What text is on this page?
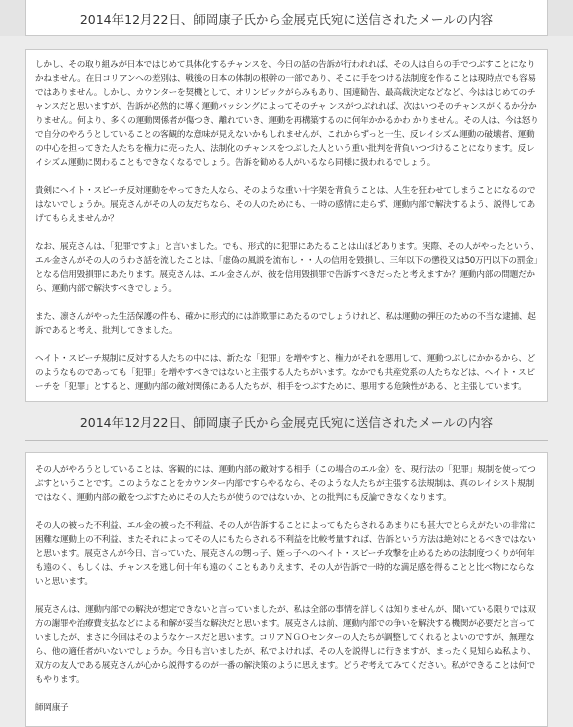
2014年12月22日、師岡康子氏から金展克氏宛に送信されたメールの内容

しかし、その取り組みが日本ではじめて具体化するチャンスを、今日の話の告訴が行われれば、その人は自らの手でつぶすことになりかねません。在日コリアンへの差別は、戦後の日本の体制の根幹の一部であり、そこに手をつける法制度を作ることは現時点でも容易ではありません。しかし、カウンターを契機として、オリンピックがらみもあり、国連勧告、最高裁決定などなど、今ははじめてのチャンスだと思いますが、告訴が必然的に導く運動バッシングによってそのチャ ンスがつぶれれば、次はいつそのチャンスがくるか分かりません。何より、多くの運動関係者が傷つき、離れていき、運動を再構築するのに何年かかるかわ かりません。その人は、今は怒りで自分のやろうとしていることの客観的な意味が見えないかもしれませんが、これからずっと一生、反レイシズム運動の破壊者、運動の中心を担ってきた人たちを権力に売った人、法制化のチャンスをつぶした人という重い批判を背負いつづけることになります。反レイシズム運動に関わることもできなくなるでしょう。告訴を勧める人がいるなら同様に扱われるでしょう。

貴剣にヘイト・スピーチ反対運動をやってきた人なら、そのような重い十字架を背負うことは、人生を狂わせてしまうことになるのではないでしょうか。展克さんがその人の友だちなら、その人のためにも、一時の感情に走らず、運動内部で解決するよう、説得してあげてもらえませんか？

なお、展克さんは、「犯罪ですよ」と言いました。でも、形式的に犯罪にあたることは山ほどあります。実際、その人がやったという、エル金さんがその人のうわさ話を流したことは、「虚偽の風説を流布し・・人の信用を毀損し、三年以下の懲役又は50万円以下の罰金」となる信用毀損罪にあたります。展克さんは、エル金さんが、彼を信用毀損罪で告訴すべきだったと考えますか？運動内部の問題だから、運動内部で解決すべきでしょう。

また、凛さんがやった生活保護の件も、確かに形式的には詐欺罪にあたるのでしょうけれど、私は運動の弾圧のための不当な逮捕、起訴であると考え、批判してきました。

ヘイト・スピーチ規制に反対する人たちの中には、新たな「犯罪」を増やすと、権力がそれを悪用して、運動つぶしにかかるから、どのようなものであっても「犯罪」を増やすべきではないと主張する人たちがいます。なかでも共産党系の人たちなどは、ヘイト・スピーチを「犯罪」とすると、運動内部の敵対関係にある人たちが、相手をつぶすために、悪用する危険性がある、と主張しています。

2014年12月22日、師岡康子氏から金展克氏宛に送信されたメールの内容

その人がやろうとしていることは、客観的には、運動内部の敵対する相手（この場合のエル金）を、現行法の「犯罪」規制を使ってつぶすということです。このようなことをカウンター内部ですらやるなら、そのような人たちが主張する法規制は、真のレイシスト規制ではなく、運動内部の敵をつぶすためにその人たちが使うのではないか、との批判にも反論できなくなります。

その人の被った不利益、エル金の被った不利益、その人が告訴することによってもたらされるあまりにも甚大でとらえがたいの非常に困難な運動上の不利益、またそれによってその人にもたらされる不利益を比較考量すれば、告訴という方法は絶対にとるべきではないと思います。展克さんが今日、言っていた、展克さんの甥っ子、姪っ子へのヘイト・スピーチ攻撃を止めるための法制度つくりが何年も遠のく、もしくは、チャンスを逃し何十年も遠のくこともありえます、その人が告訴で一時的な満足感を得ることと比べ物にならないと思います。

展克さんは、運動内部での解決が想定できないと言っていましたが、私は全部の事情を詳しくは知りませんが、聞いている限りでは双方の謝罪や治療費支払などによる和解が妥当な解決だと思います。展克さんは前、運動内部での争いを解決する機関が必要だと言っていましたが、まさに今回はそのようなケースだと思います。コリアＮＧＯセンターの人たちが調整してくれるとよいのですが、無理なら、他の適任者がいないでしょうか。今日も言いましたが、私でよければ、その人を説得しに行きますが、まったく見知らぬ私より、双方の友人である展克さんが心から説得するのが一番の解決策のように思えます。どうぞ考えてみてください。私ができることは何でもやります。

師岡康子
